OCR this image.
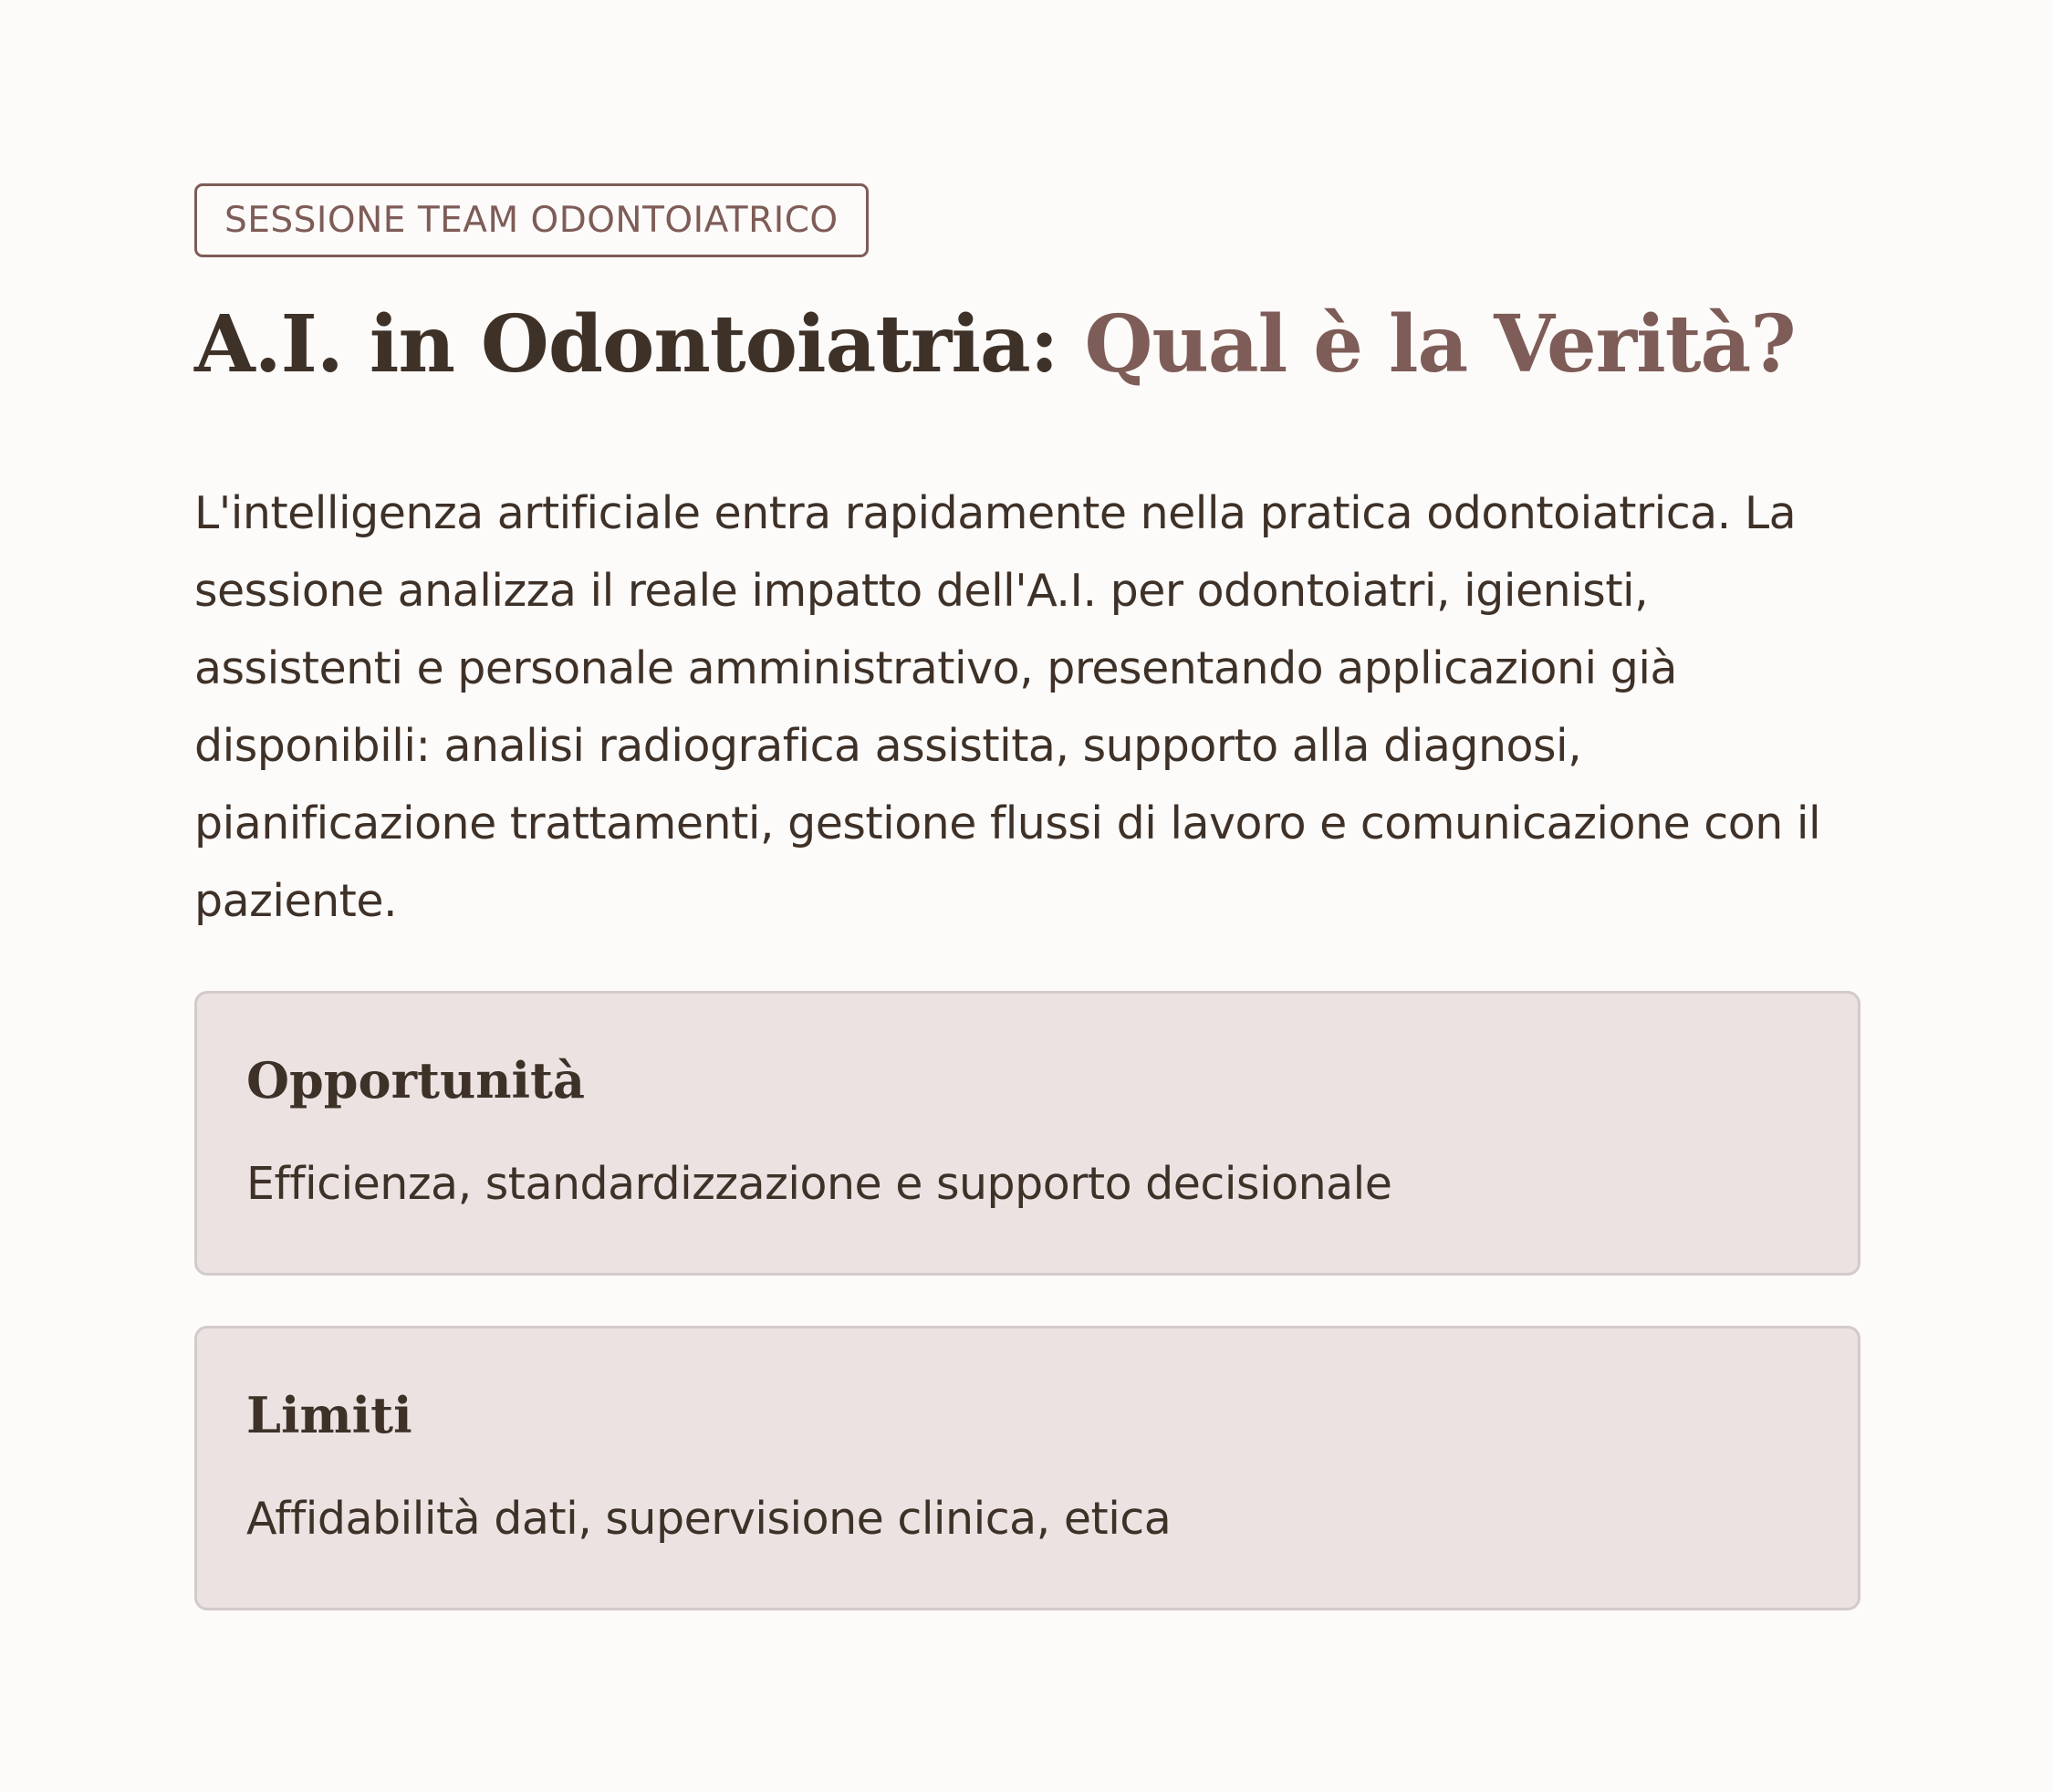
SESSIONE TEAM ODONTOIATRICO
A.I. in Odontoiatria: Qual è la Verità?

L'intelligenza artificiale entra rapidamente nella pratica odontoiatrica. La sessione analizza il reale impatto dell'A.I. per odontoiatri, igienisti, assistenti e personale amministrativo, presentando applicazioni già disponibili: analisi radiografica assistita, supporto alla diagnosi, pianificazione trattamenti, gestione flussi di lavoro e comunicazione con il paziente.

Opportunità
Efficienza, standardizzazione e supporto decisionale
Limiti
Affidabilità dati, supervisione clinica, etica
